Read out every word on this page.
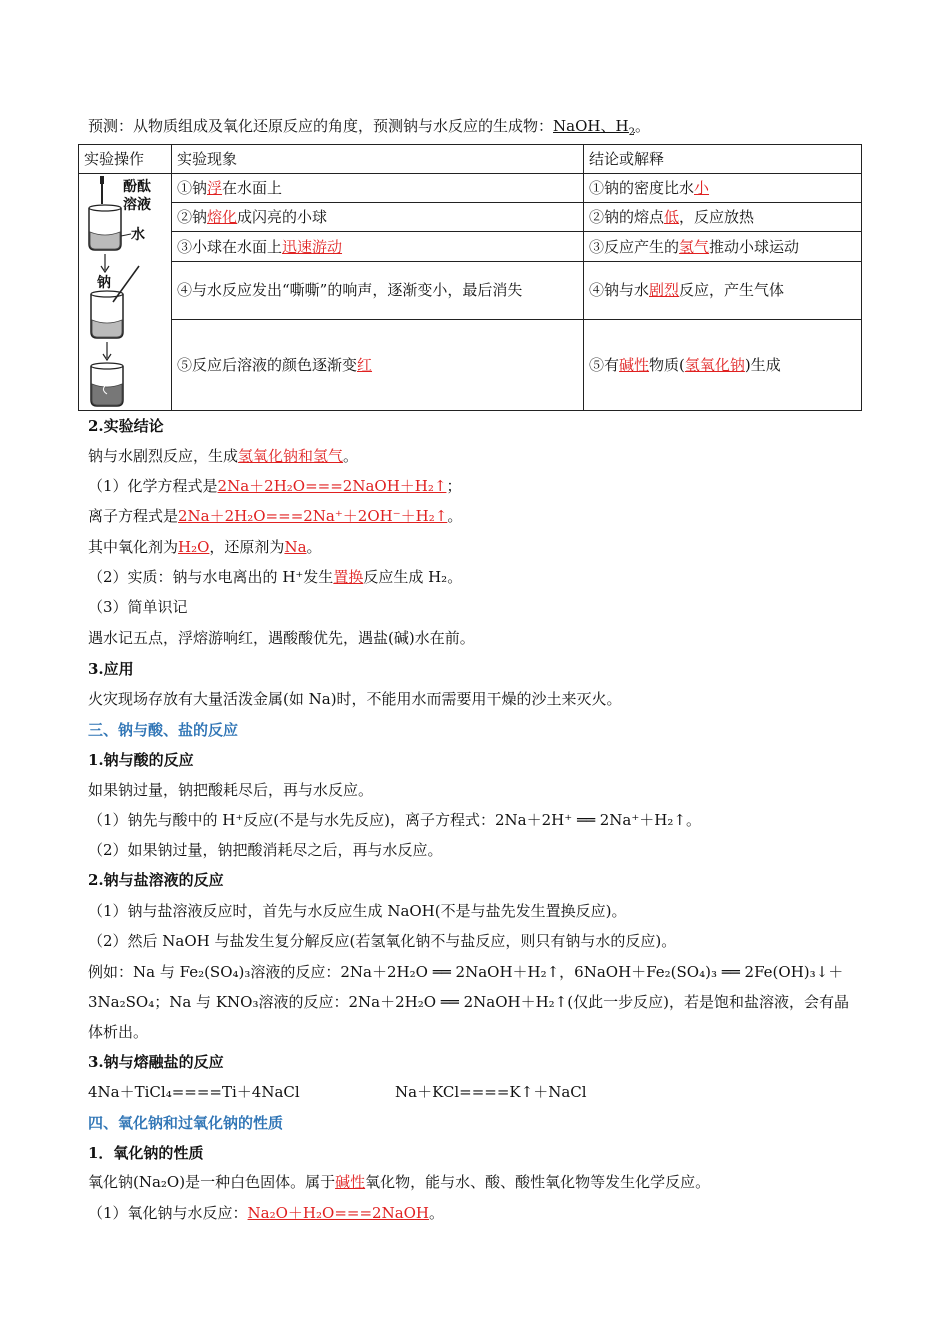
预测：从物质组成及氧化还原反应的角度，预测钠与水反应的生成物：NaOH、$H_2$。
实验操作	实验现象	结论或解释

酚酞溶液
水
钠	①钠浮在水面上	①钠的密度比水小
	②钠熔化成闪亮的小球	②钠的熔点低，反应放热
	③小球在水面上迅速游动	③反应产生的氢气推动小球运动
	④与水反应发出“嘶嘶”的响声，逐渐变小，最后消失	④钠与水剧烈反应，产生气体
	⑤反应后溶液的颜色逐渐变红	⑤有碱性物质(氢氧化钠)生成
2.实验结论
钠与水剧烈反应，生成氢氧化钠和氢气。
（1）化学方程式是2Na＋2H₂O===2NaOH＋H₂↑；
离子方程式是2Na＋2H₂O===2Na⁺＋2OH⁻＋H₂↑。
其中氧化剂为H₂O，还原剂为Na。
（2）实质：钠与水电离出的 H⁺发生置换反应生成 H₂。
（3）简单识记
遇水记五点，浮熔游响红，遇酸酸优先，遇盐(碱)水在前。
3.应用
火灾现场存放有大量活泼金属(如 Na)时，不能用水而需要用干燥的沙土来灭火。
三、钠与酸、盐的反应
1.钠与酸的反应
如果钠过量，钠把酸耗尽后，再与水反应。
（1）钠先与酸中的 H⁺反应(不是与水先反应)，离子方程式：2Na＋2H⁺ ══ 2Na⁺＋H₂↑。
（2）如果钠过量，钠把酸消耗尽之后，再与水反应。
2.钠与盐溶液的反应
（1）钠与盐溶液反应时，首先与水反应生成 NaOH(不是与盐先发生置换反应)。
（2）然后 NaOH 与盐发生复分解反应(若氢氧化钠不与盐反应，则只有钠与水的反应)。
例如：Na 与 Fe₂(SO₄)₃溶液的反应：2Na＋2H₂O ══ 2NaOH＋H₂↑，6NaOH＋Fe₂(SO₄)₃ ══ 2Fe(OH)₃↓＋
3Na₂SO₄；Na 与 KNO₃溶液的反应：2Na＋2H₂O ══ 2NaOH＋H₂↑(仅此一步反应)，若是饱和盐溶液，会有晶
体析出。
3.钠与熔融盐的反应
4Na＋TiCl₄====Ti＋4NaCl	Na＋KCl====K↑＋NaCl
四、氧化钠和过氧化钠的性质
1．氧化钠的性质
氧化钠(Na₂O)是一种白色固体。属于碱性氧化物，能与水、酸、酸性氧化物等发生化学反应。
（1）氧化钠与水反应：Na₂O＋H₂O===2NaOH。
